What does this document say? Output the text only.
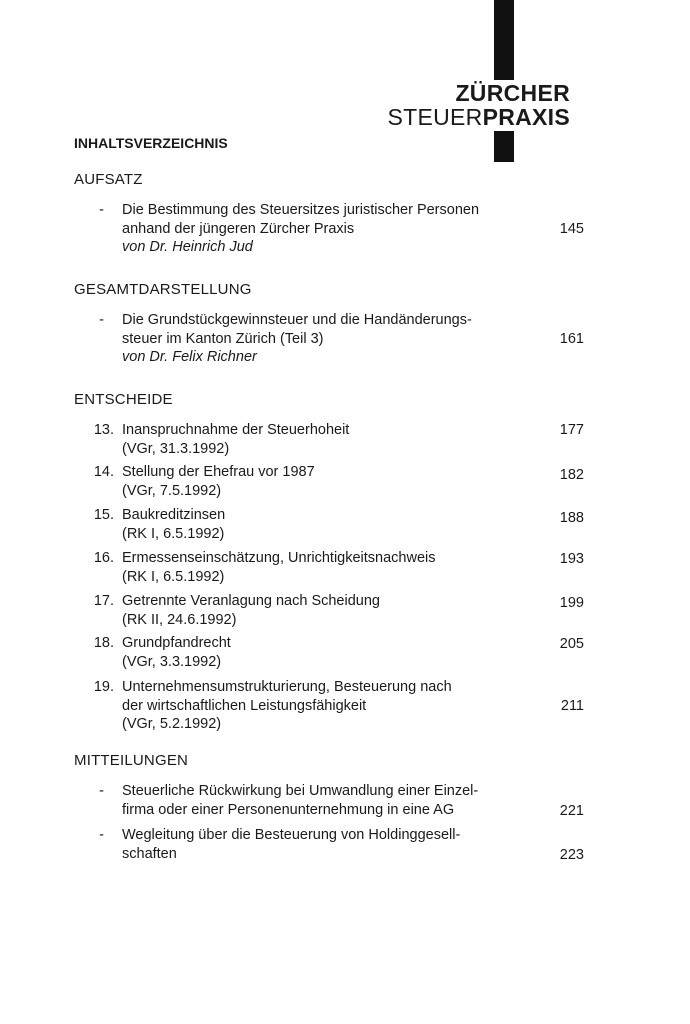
ZÜRCHER
STEUERPRAXIS
INHALTSVERZEICHNIS
AUFSATZ
- Die Bestimmung des Steuersitzes juristischer Personen
anhand der jüngeren Zürcher Praxis
von Dr. Heinrich Jud
145
GESAMTDARSTELLUNG
- Die Grundstückgewinnsteuer und die Handänderungs-
steuer im Kanton Zürich (Teil 3)
von Dr. Felix Richner
161
ENTSCHEIDE
13. Inanspruchnahme der Steuerhoheit
(VGr, 31.3.1992)
177
14. Stellung der Ehefrau vor 1987
(VGr, 7.5.1992)
182
15. Baukreditzinsen
(RK I, 6.5.1992)
188
16. Ermessenseinschätzung, Unrichtigkeitsnachweis
(RK I, 6.5.1992)
193
17. Getrennte Veranlagung nach Scheidung
(RK II, 24.6.1992)
199
18. Grundpfandrecht
(VGr, 3.3.1992)
205
19. Unternehmensumstrukturierung, Besteuerung nach
der wirtschaftlichen Leistungsfähigkeit
(VGr, 5.2.1992)
211
MITTEILUNGEN
- Steuerliche Rückwirkung bei Umwandlung einer Einzel-
firma oder einer Personenunternehmung in eine AG	221
- Wegleitung über die Besteuerung von Holdinggesell-
schaften	223
